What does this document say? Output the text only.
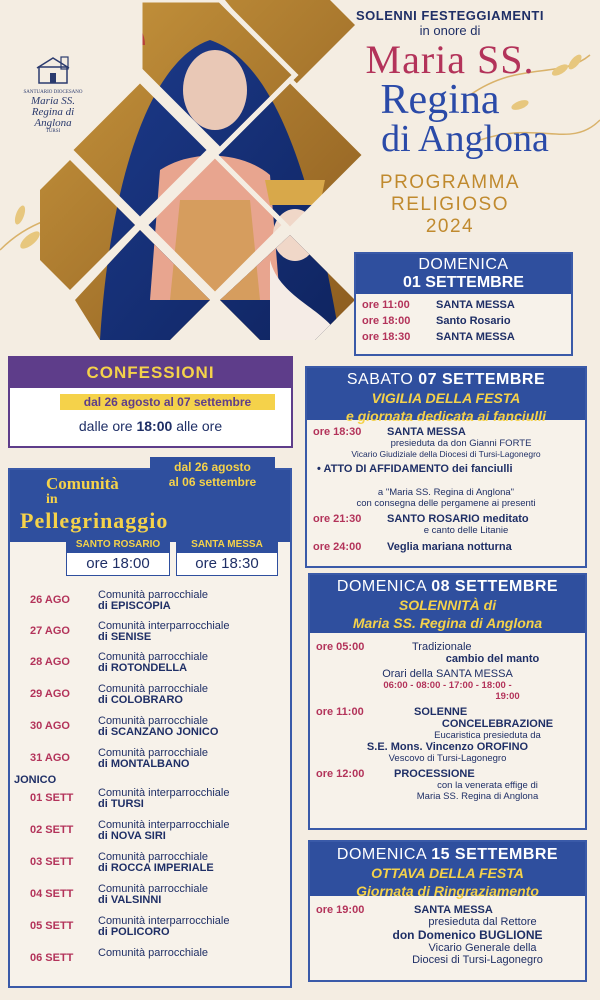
SANTUARIO DIOCESANO
Maria SS.
Regina di Anglona
TURSI
SOLENNI FESTEGGIAMENTI
in onore di
Maria SS.
Regina
di Anglona
PROGRAMMA
RELIGIOSO
2024
DOMENICA
01 SETTEMBRE
ore 11:00	SANTA MESSA
ore 18:00	Santo Rosario
ore 18:30	SANTA MESSA
CONFESSIONI
dal 26 agosto al 07 settembre
dalle ore 18:00 alle ore
SABATO 07 SETTEMBRE
VIGILIA DELLA FESTA
e giornata dedicata ai fanciulli
ore 18:30	SANTA MESSA
presieduta da don Gianni FORTE
Vicario Giudiziale della Diocesi di Tursi-Lagonegro
• ATTO DI AFFIDAMENTO dei fanciulli
a "Maria SS. Regina di Anglona"
con consegna delle pergamene ai presenti
ore 21:30	SANTO ROSARIO meditato
e canto delle Litanie
ore 24:00	Veglia mariana notturna
Comunità
in
Pellegrinaggio
SANTO ROSARIO
ore 18:00
SANTA MESSA
ore 18:30
26 AGO	Comunità parrocchiale
di EPISCOPIA
27 AGO	Comunità interparrocchiale
di SENISE
28 AGO	Comunità parrocchiale
di ROTONDELLA
29 AGO	Comunità parrocchiale
di COLOBRARO
30 AGO	Comunità parrocchiale
di SCANZANO JONICO
31 AGO	Comunità parrocchiale
di MONTALBANO
01 SETT	Comunità interparrocchiale
di TURSI
02 SETT	Comunità interparrocchiale
di NOVA SIRI
03 SETT	Comunità parrocchiale
di ROCCA IMPERIALE
04 SETT	Comunità parrocchiale
di VALSINNI
05 SETT	Comunità interparrocchiale
di POLICORO
06 SETT	Comunità parrocchiale
JONICO
dal 26 agosto
al 06 settembre
DOMENICA 08 SETTEMBRE
SOLENNITÀ di
Maria SS. Regina di Anglona
ore 05:00	Tradizionale
cambio del manto
Orari della SANTA MESSA
06:00 - 08:00 - 17:00 - 18:00 -
19:00
ore 11:00	SOLENNE
CONCELEBRAZIONE
Eucaristica presieduta da
S.E. Mons. Vincenzo OROFINO
Vescovo di Tursi-Lagonegro
ore 12:00	PROCESSIONE
con la venerata effige di
Maria SS. Regina di Anglona
DOMENICA 15 SETTEMBRE
OTTAVA DELLA FESTA
Giornata di Ringraziamento
ore 19:00	SANTA MESSA
presieduta dal Rettore
don Domenico BUGLIONE
Vicario Generale della
Diocesi di Tursi-Lagonegro
